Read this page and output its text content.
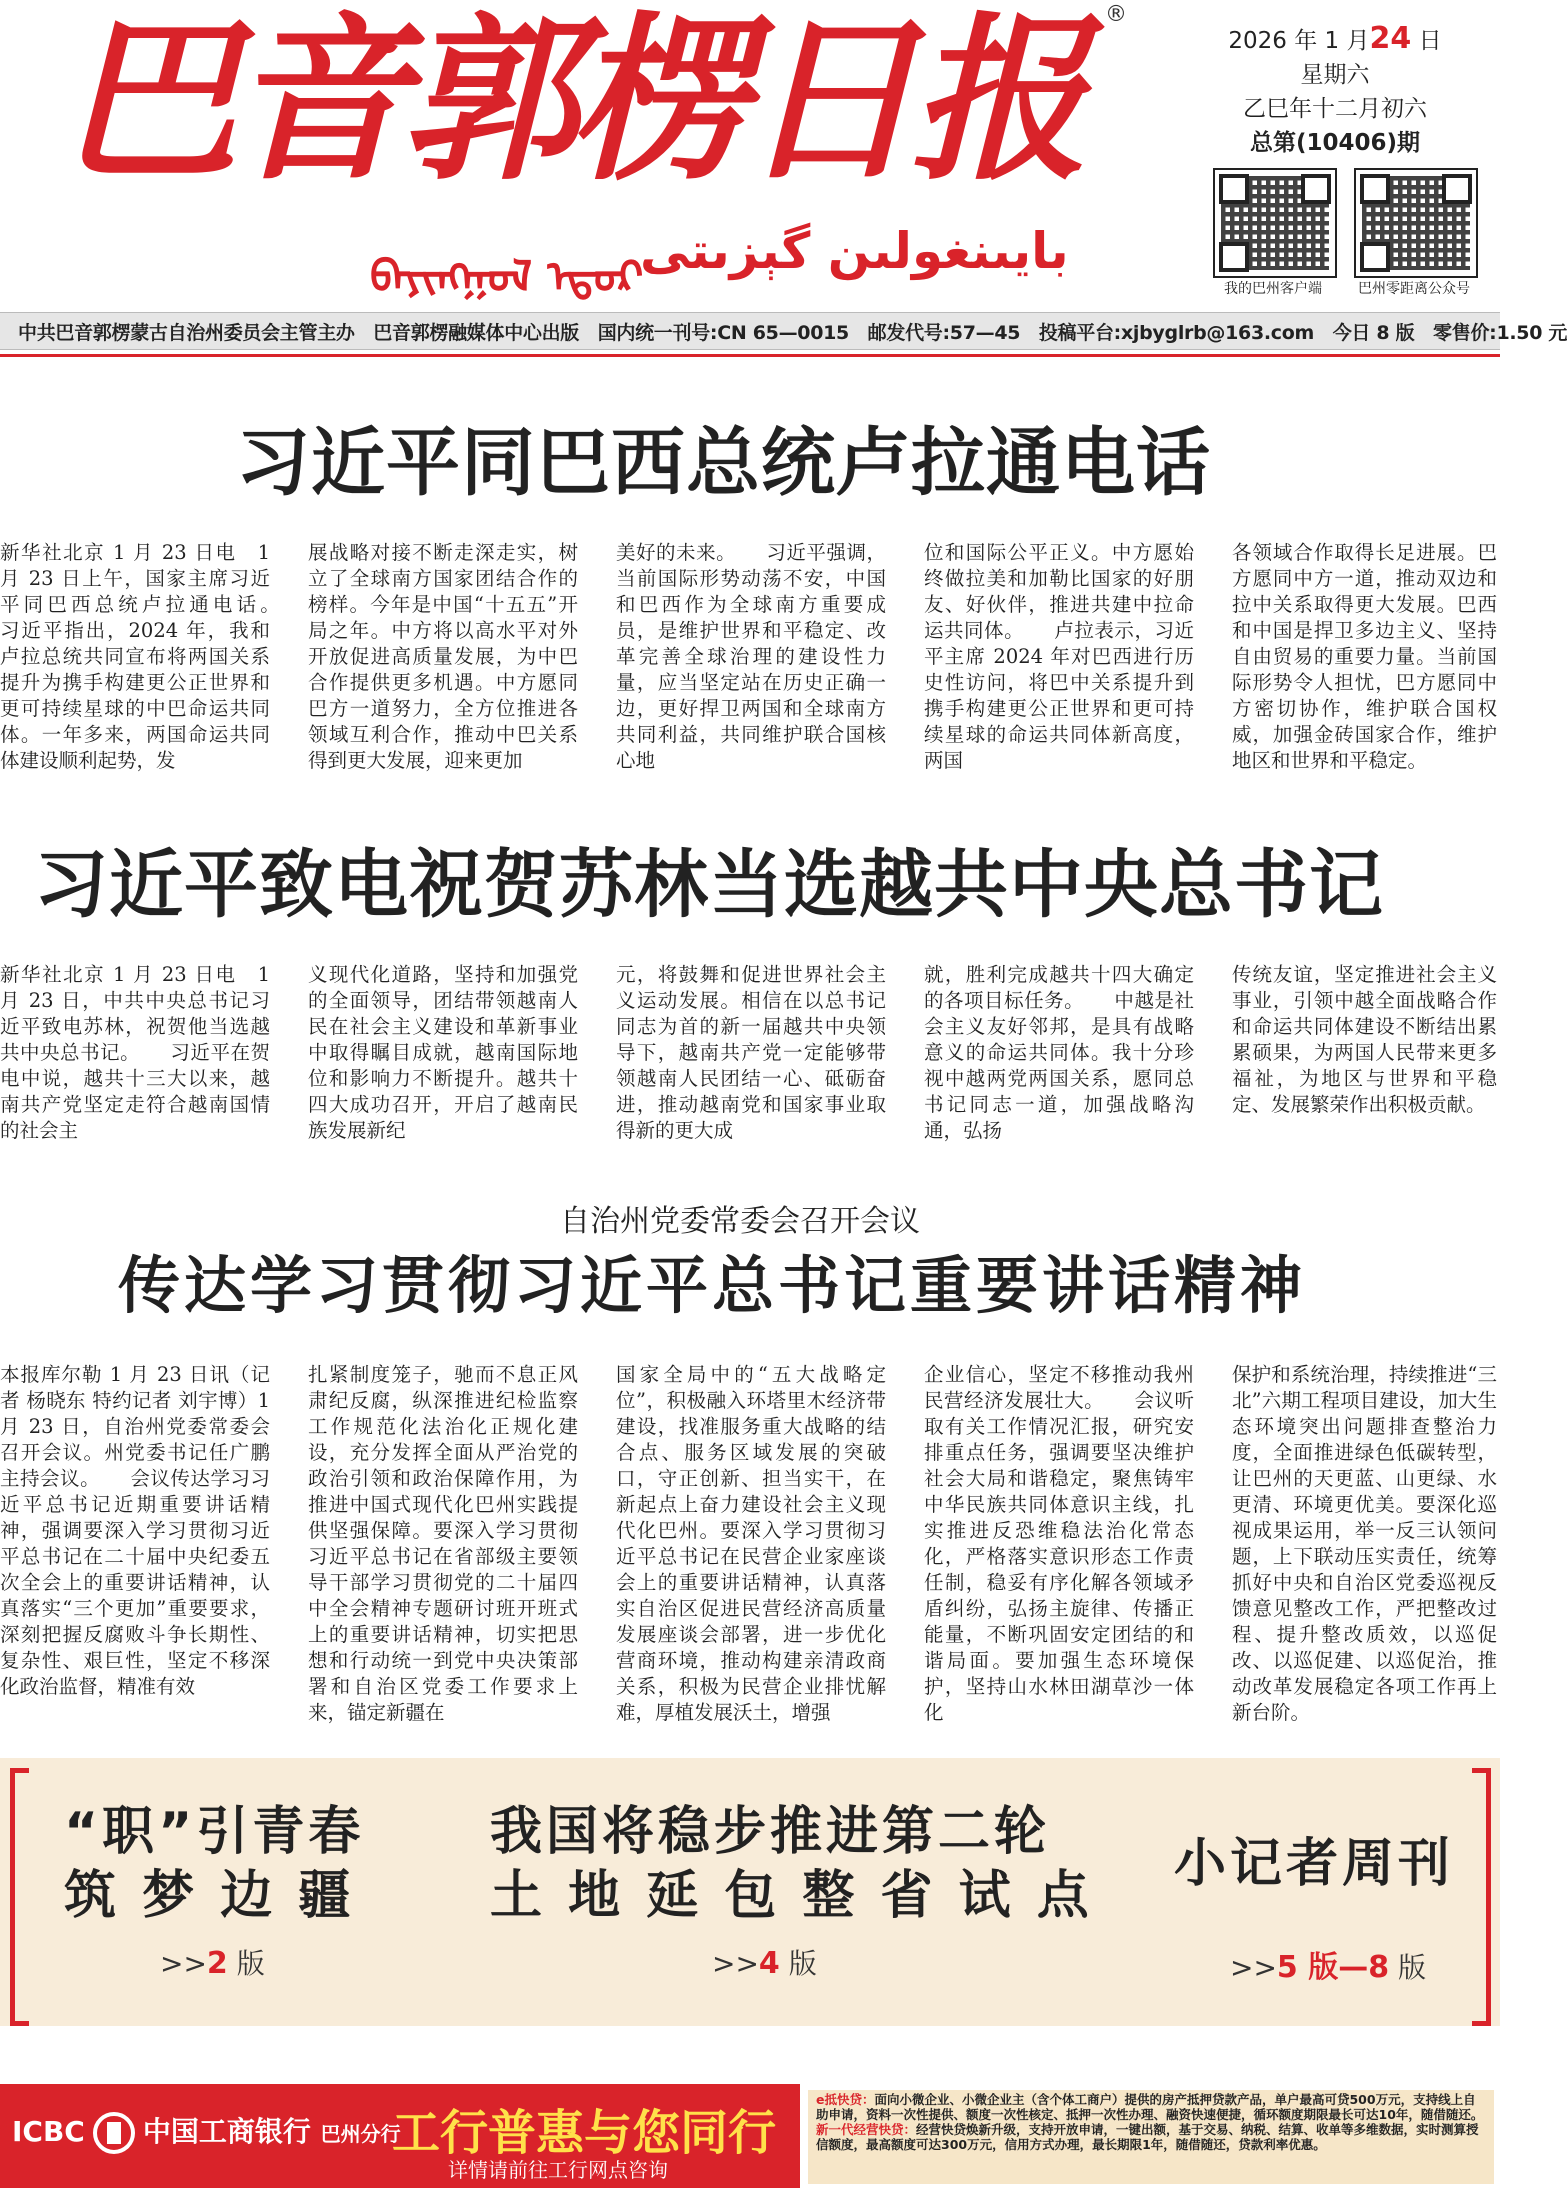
巴音郭楞日报	®
ᠪᠠᠶᠢᠩᠭᠣᠯ ᠡᠳᠦᠷ
بايىنغولىن گېزىتى
2026 年 1 月24 日
星期六
乙巳年十二月初六
总第(10406)期
我的巴州客户端	巴州零距离公众号
中共巴音郭楞蒙古自治州委员会主管主办　巴音郭楞融媒体中心出版　国内统一刊号:CN 65—0015　邮发代号:57—45　投稿平台:xjbyglrb@163.com　今日 8 版　零售价:1.50 元
习近平同巴西总统卢拉通电话
新华社北京 1 月 23 日电　1 月 23 日上午，国家主席习近平同巴西总统卢拉通电话。　　习近平指出，2024 年，我和卢拉总统共同宣布将两国关系提升为携手构建更公正世界和更可持续星球的中巴命运共同体。一年多来，两国命运共同体建设顺利起势，发
展战略对接不断走深走实，树立了全球南方国家团结合作的榜样。今年是中国“十五五”开局之年。中方将以高水平对外开放促进高质量发展，为中巴合作提供更多机遇。中方愿同巴方一道努力，全方位推进各领域互利合作，推动中巴关系得到更大发展，迎来更加
美好的未来。　　习近平强调，当前国际形势动荡不安，中国和巴西作为全球南方重要成员，是维护世界和平稳定、改革完善全球治理的建设性力量，应当坚定站在历史正确一边，更好捍卫两国和全球南方共同利益，共同维护联合国核心地
位和国际公平正义。中方愿始终做拉美和加勒比国家的好朋友、好伙伴，推进共建中拉命运共同体。　　卢拉表示，习近平主席 2024 年对巴西进行历史性访问，将巴中关系提升到携手构建更公正世界和更可持续星球的命运共同体新高度，两国
各领域合作取得长足进展。巴方愿同中方一道，推动双边和拉中关系取得更大发展。巴西和中国是捍卫多边主义、坚持自由贸易的重要力量。当前国际形势令人担忧，巴方愿同中方密切协作，维护联合国权威，加强金砖国家合作，维护地区和世界和平稳定。
习近平致电祝贺苏林当选越共中央总书记
新华社北京 1 月 23 日电　1 月 23 日，中共中央总书记习近平致电苏林，祝贺他当选越共中央总书记。　　习近平在贺电中说，越共十三大以来，越南共产党坚定走符合越南国情的社会主
义现代化道路，坚持和加强党的全面领导，团结带领越南人民在社会主义建设和革新事业中取得瞩目成就，越南国际地位和影响力不断提升。越共十四大成功召开，开启了越南民族发展新纪
元，将鼓舞和促进世界社会主义运动发展。相信在以总书记同志为首的新一届越共中央领导下，越南共产党一定能够带领越南人民团结一心、砥砺奋进，推动越南党和国家事业取得新的更大成
就，胜利完成越共十四大确定的各项目标任务。　　中越是社会主义友好邻邦，是具有战略意义的命运共同体。我十分珍视中越两党两国关系，愿同总书记同志一道，加强战略沟通，弘扬
传统友谊，坚定推进社会主义事业，引领中越全面战略合作和命运共同体建设不断结出累累硕果，为两国人民带来更多福祉，为地区与世界和平稳定、发展繁荣作出积极贡献。
自治州党委常委会召开会议
传达学习贯彻习近平总书记重要讲话精神
本报库尔勒 1 月 23 日讯（记者 杨晓东 特约记者 刘宇博）1 月 23 日，自治州党委常委会召开会议。州党委书记任广鹏主持会议。　　会议传达学习习近平总书记近期重要讲话精神，强调要深入学习贯彻习近平总书记在二十届中央纪委五次全会上的重要讲话精神，认真落实“三个更加”重要要求，深刻把握反腐败斗争长期性、复杂性、艰巨性，坚定不移深化政治监督，精准有效
扎紧制度笼子，驰而不息正风肃纪反腐，纵深推进纪检监察工作规范化法治化正规化建设，充分发挥全面从严治党的政治引领和政治保障作用，为推进中国式现代化巴州实践提供坚强保障。要深入学习贯彻习近平总书记在省部级主要领导干部学习贯彻党的二十届四中全会精神专题研讨班开班式上的重要讲话精神，切实把思想和行动统一到党中央决策部署和自治区党委工作要求上来，锚定新疆在
国家全局中的“五大战略定位”，积极融入环塔里木经济带建设，找准服务重大战略的结合点、服务区域发展的突破口，守正创新、担当实干，在新起点上奋力建设社会主义现代化巴州。要深入学习贯彻习近平总书记在民营企业家座谈会上的重要讲话精神，认真落实自治区促进民营经济高质量发展座谈会部署，进一步优化营商环境，推动构建亲清政商关系，积极为民营企业排忧解难，厚植发展沃土，增强
企业信心，坚定不移推动我州民营经济发展壮大。　　会议听取有关工作情况汇报，研究安排重点任务，强调要坚决维护社会大局和谐稳定，聚焦铸牢中华民族共同体意识主线，扎实推进反恐维稳法治化常态化，严格落实意识形态工作责任制，稳妥有序化解各领域矛盾纠纷，弘扬主旋律、传播正能量，不断巩固安定团结的和谐局面。要加强生态环境保护，坚持山水林田湖草沙一体化
保护和系统治理，持续推进“三北”六期工程项目建设，加大生态环境突出问题排查整治力度，全面推进绿色低碳转型，让巴州的天更蓝、山更绿、水更清、环境更优美。要深化巡视成果运用，举一反三认领问题，上下联动压实责任，统筹抓好中央和自治区党委巡视反馈意见整改工作，严把整改过程、提升整改质效，以巡促改、以巡促建、以巡促治，推动改革发展稳定各项工作再上新台阶。
“职”引青春
筑 梦 边 疆
>>2 版
我国将稳步推进第二轮
土 地 延 包 整 省 试 点
>>4 版
小记者周刊
>>5 版—8 版
ICBC 中国工商银行 巴州分行
工行普惠与您同行
详情请前往工行网点咨询
e抵快贷：面向小微企业、小微企业主（含个体工商户）提供的房产抵押贷款产品，单户最高可贷500万元，支持线上自助申请，资料一次性提供、额度一次性核定、抵押一次性办理、融资快速便捷，循环额度期限最长可达10年，随借随还。
新一代经营快贷：经营快贷焕新升级，支持开放申请，一键出额，基于交易、纳税、结算、收单等多维数据，实时测算授信额度，最高额度可达300万元，信用方式办理，最长期限1年，随借随还，贷款利率优惠。
